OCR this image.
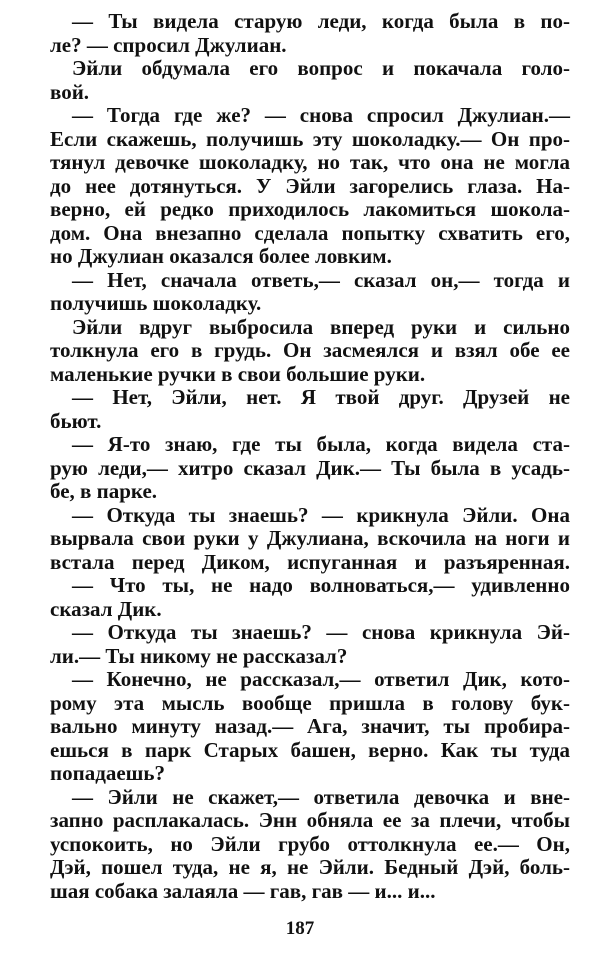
— Ты видела старую леди, когда была в по-
ле? — спросил Джулиан.
Эйли обдумала его вопрос и покачала голо-
вой.
— Тогда где же? — снова спросил Джулиан.—
Если скажешь, получишь эту шоколадку.— Он про-
тянул девочке шоколадку, но так, что она не могла
до нее дотянуться. У Эйли загорелись глаза. На-
верно, ей редко приходилось лакомиться шокола-
дом. Она внезапно сделала попытку схватить его,
но Джулиан оказался более ловким.
— Нет, сначала ответь,— сказал он,— тогда и
получишь шоколадку.
Эйли вдруг выбросила вперед руки и сильно
толкнула его в грудь. Он засмеялся и взял обе ее
маленькие ручки в свои большие руки.
— Нет, Эйли, нет. Я твой друг. Друзей не
бьют.
— Я-то знаю, где ты была, когда видела ста-
рую леди,— хитро сказал Дик.— Ты была в усадь-
бе, в парке.
— Откуда ты знаешь? — крикнула Эйли. Она
вырвала свои руки у Джулиана, вскочила на ноги и
встала перед Диком, испуганная и разъяренная.
— Что ты, не надо волноваться,— удивленно
сказал Дик.
— Откуда ты знаешь? — снова крикнула Эй-
ли.— Ты никому не рассказал?
— Конечно, не рассказал,— ответил Дик, кото-
рому эта мысль вообще пришла в голову бук-
вально минуту назад.— Ага, значит, ты пробира-
ешься в парк Старых башен, верно. Как ты туда
попадаешь?
— Эйли не скажет,— ответила девочка и вне-
запно расплакалась. Энн обняла ее за плечи, чтобы
успокоить, но Эйли грубо оттолкнула ее.— Он,
Дэй, пошел туда, не я, не Эйли. Бедный Дэй, боль-
шая собака залаяла — гав, гав — и... и...
187
